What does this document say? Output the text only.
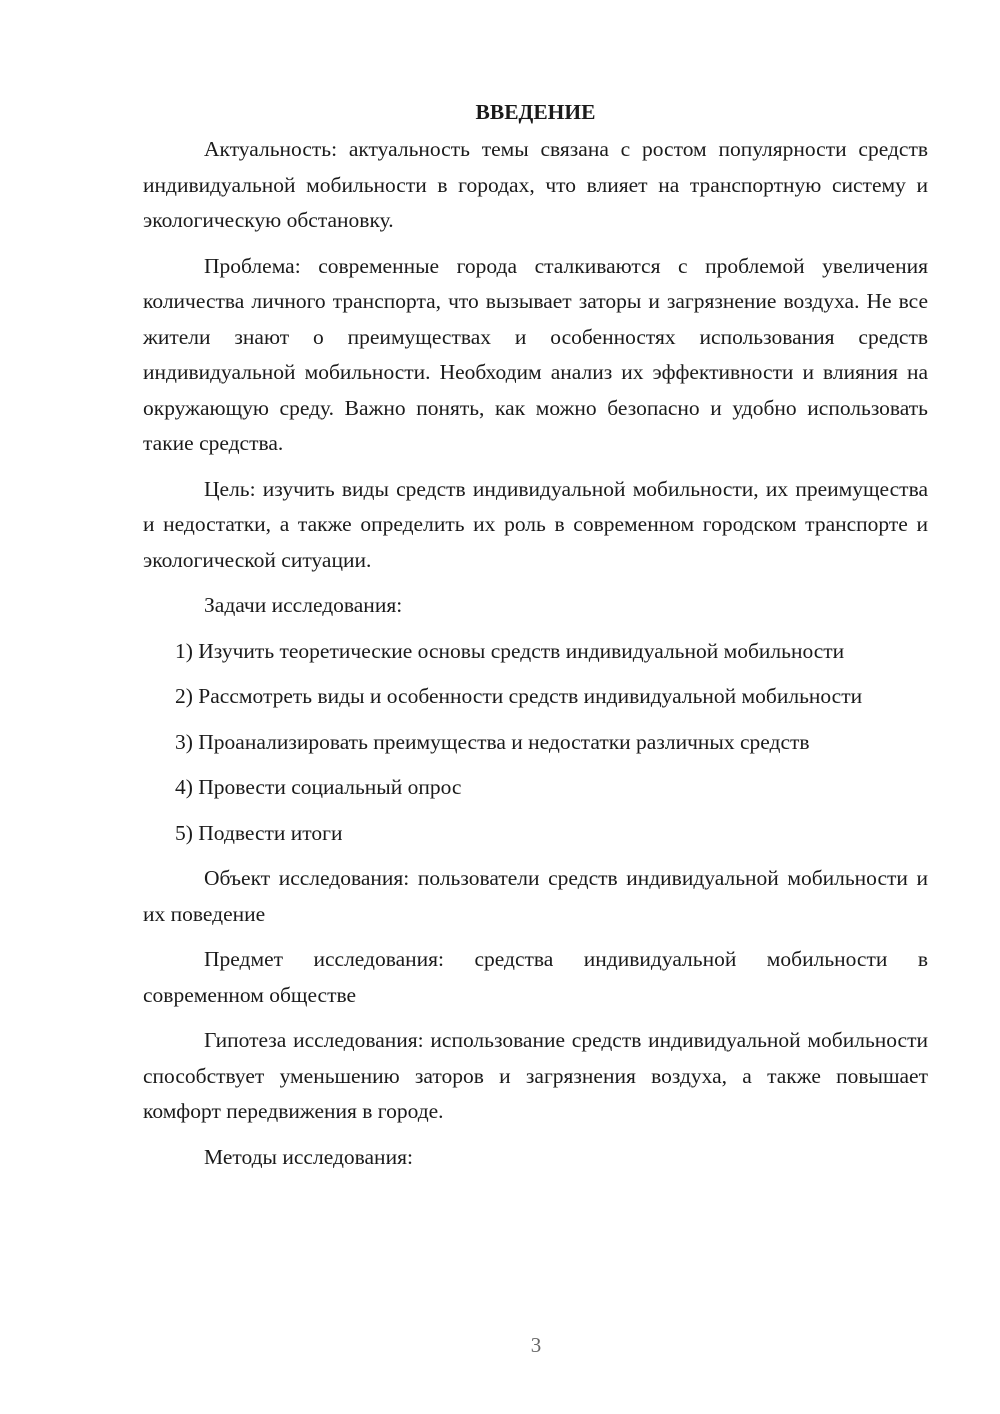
ВВЕДЕНИЕ
Актуальность: актуальность темы связана с ростом популярности средств индивидуальной мобильности в городах, что влияет на транспортную систему и экологическую обстановку.
Проблема: современные города сталкиваются с проблемой увеличения количества личного транспорта, что вызывает заторы и загрязнение воздуха. Не все жители знают о преимуществах и особенностях использования средств индивидуальной мобильности. Необходим анализ их эффективности и влияния на окружающую среду. Важно понять, как можно безопасно и удобно использовать такие средства.
Цель: изучить виды средств индивидуальной мобильности, их преимущества и недостатки, а также определить их роль в современном городском транспорте и экологической ситуации.
Задачи исследования:
1) Изучить теоретические основы средств индивидуальной мобильности
2) Рассмотреть виды и особенности средств индивидуальной мобильности
3) Проанализировать преимущества и недостатки различных средств
4) Провести социальный опрос
5) Подвести итоги
Объект исследования: пользователи средств индивидуальной мобильности и их поведение
Предмет исследования: средства индивидуальной мобильности в современном обществе
Гипотеза исследования: использование средств индивидуальной мобильности способствует уменьшению заторов и загрязнения воздуха, а также повышает комфорт передвижения в городе.
Методы исследования:
3
